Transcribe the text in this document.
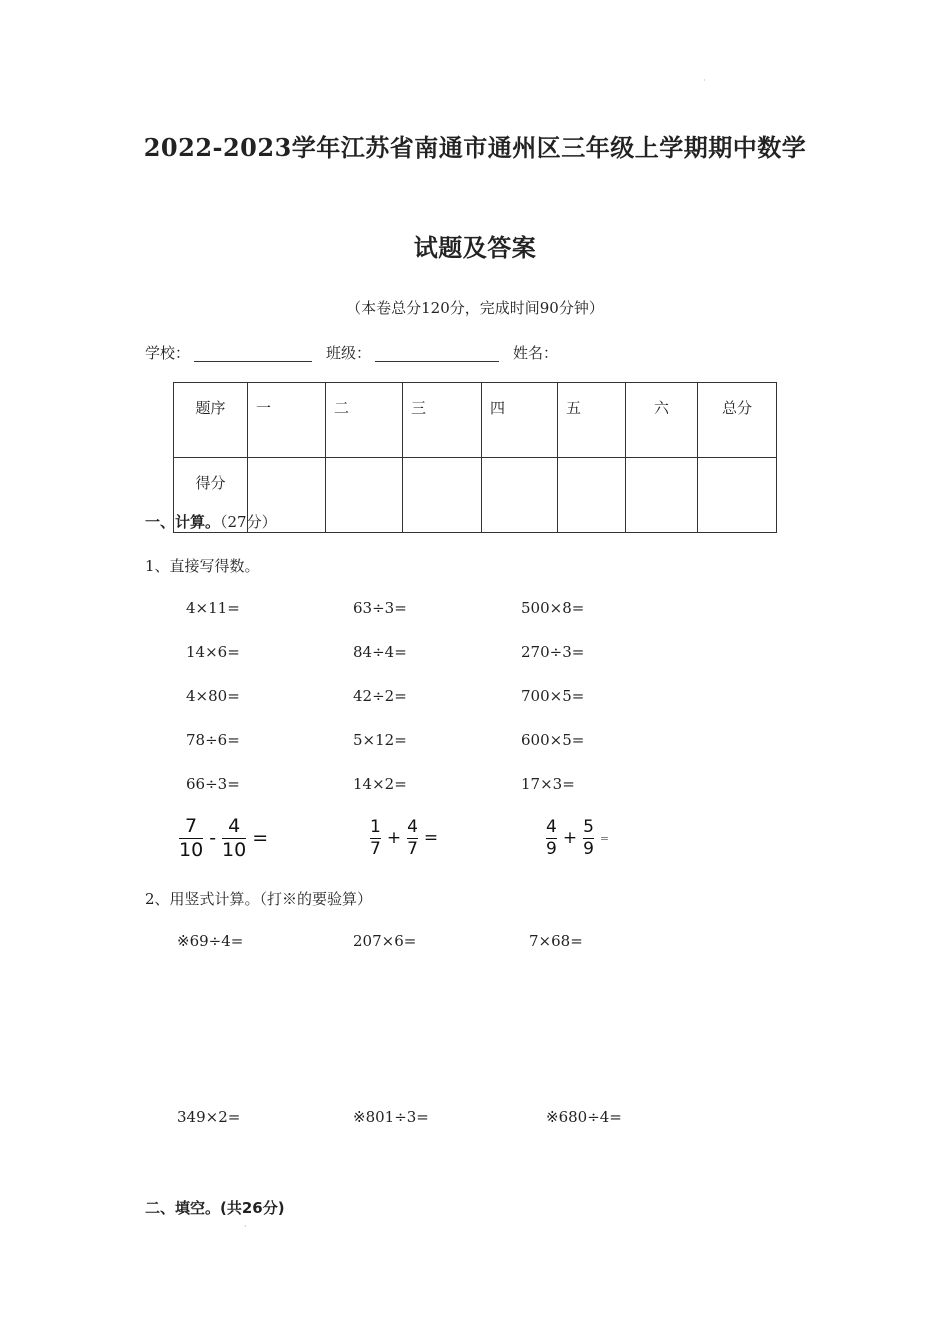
·
2022-2023学年江苏省南通市通州区三年级上学期期中数学
试题及答案
（本卷总分120分，完成时间90分钟）
学校：	班级：	姓名：
题序	一	二	三	四	五	六	总分
得分							
一、计算。（27分）
1、直接写得数。
4×11=	63÷3=	500×8=
14×6=	84÷4=	270÷3=
4×80=	42÷2=	700×5=
78÷6=	5×12=	600×5=
66÷3=	14×2=	17×3=
$\frac{7}{10} - \frac{4}{10}$ =	$\frac{1}{7} + \frac{4}{7}$ =	$\frac{4}{9} + \frac{5}{9}$ =
2、用竖式计算。（打※的要验算）
※69÷4=	207×6=	7×68=
349×2=	※801÷3=	※680÷4=
二、填空。(共26分)
·
